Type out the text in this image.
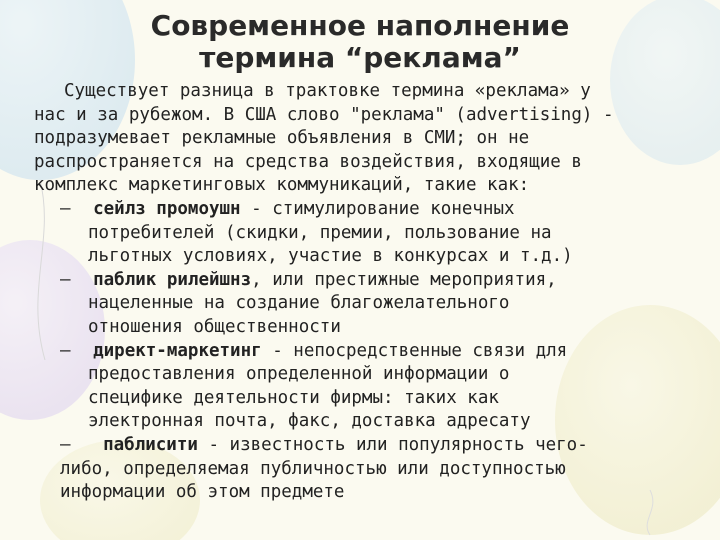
Современное наполнение
термина “реклама”
Существует разница в трактовке термина «реклама» у
нас и за рубежом. В США слово "реклама" (advertising) -
подразумевает рекламные объявления в СМИ; он не
распространяется на средства воздействия, входящие в
комплекс маркетинговых коммуникаций, такие как:
– сейлз промоушн - стимулирование конечных
потребителей (скидки, премии, пользование на
льготных условиях, участие в конкурсах и т.д.)
– паблик рилейшнз, или престижные мероприятия,
нацеленные на создание благожелательного
отношения общественности
– директ-маркетинг - непосредственные связи для
предоставления определенной информации о
специфике деятельности фирмы: таких как
электронная почта, факс, доставка адресату
– паблисити - известность или популярность чего-
либо, определяемая публичностью или доступностью
информации об этом предмете
